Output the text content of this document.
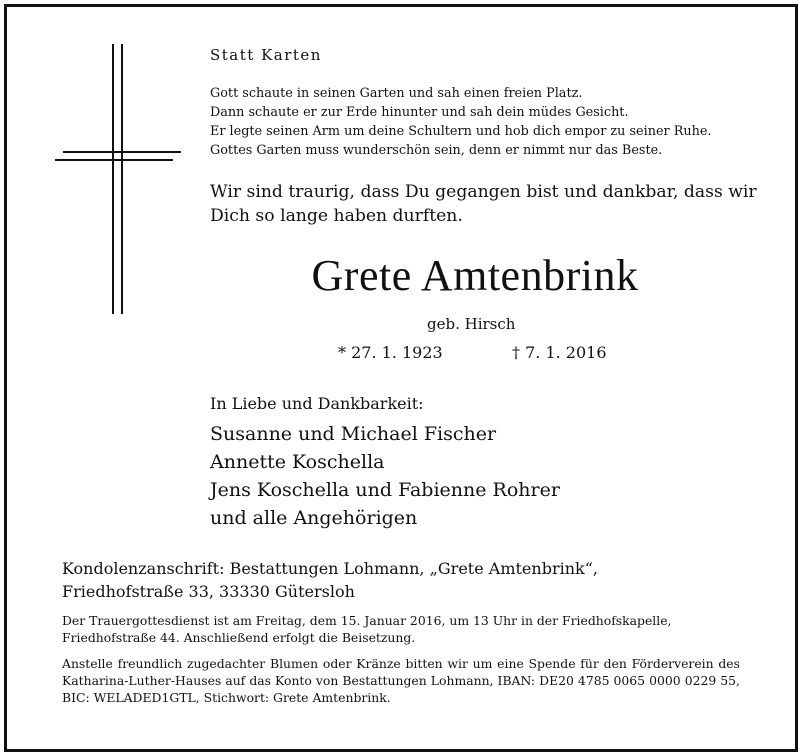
Statt Karten
Gott schaute in seinen Garten und sah einen freien Platz.
Dann schaute er zur Erde hinunter und sah dein müdes Gesicht.
Er legte seinen Arm um deine Schultern und hob dich empor zu seiner Ruhe.
Gottes Garten muss wunderschön sein, denn er nimmt nur das Beste.
Wir sind traurig, dass Du gegangen bist und dankbar, dass wir
Dich so lange haben durften.
Grete Amtenbrink
geb. Hirsch
* 27. 1. 1923	† 7. 1. 2016
In Liebe und Dankbarkeit:
Susanne und Michael Fischer
Annette Koschella
Jens Koschella und Fabienne Rohrer
und alle Angehörigen
Kondolenzanschrift: Bestattungen Lohmann, „Grete Amtenbrink“,
Friedhofstraße 33, 33330 Gütersloh
Der Trauergottesdienst ist am Freitag, dem 15. Januar 2016, um 13 Uhr in der Friedhofskapelle, Friedhofstraße 44. Anschließend erfolgt die Beisetzung.
Anstelle freundlich zugedachter Blumen oder Kränze bitten wir um eine Spende für den Förderverein des Katharina-Luther-Hauses auf das Konto von Bestattungen Lohmann, IBAN: DE20 4785 0065 0000 0229 55, BIC: WELADED1GTL, Stichwort: Grete Amtenbrink.
